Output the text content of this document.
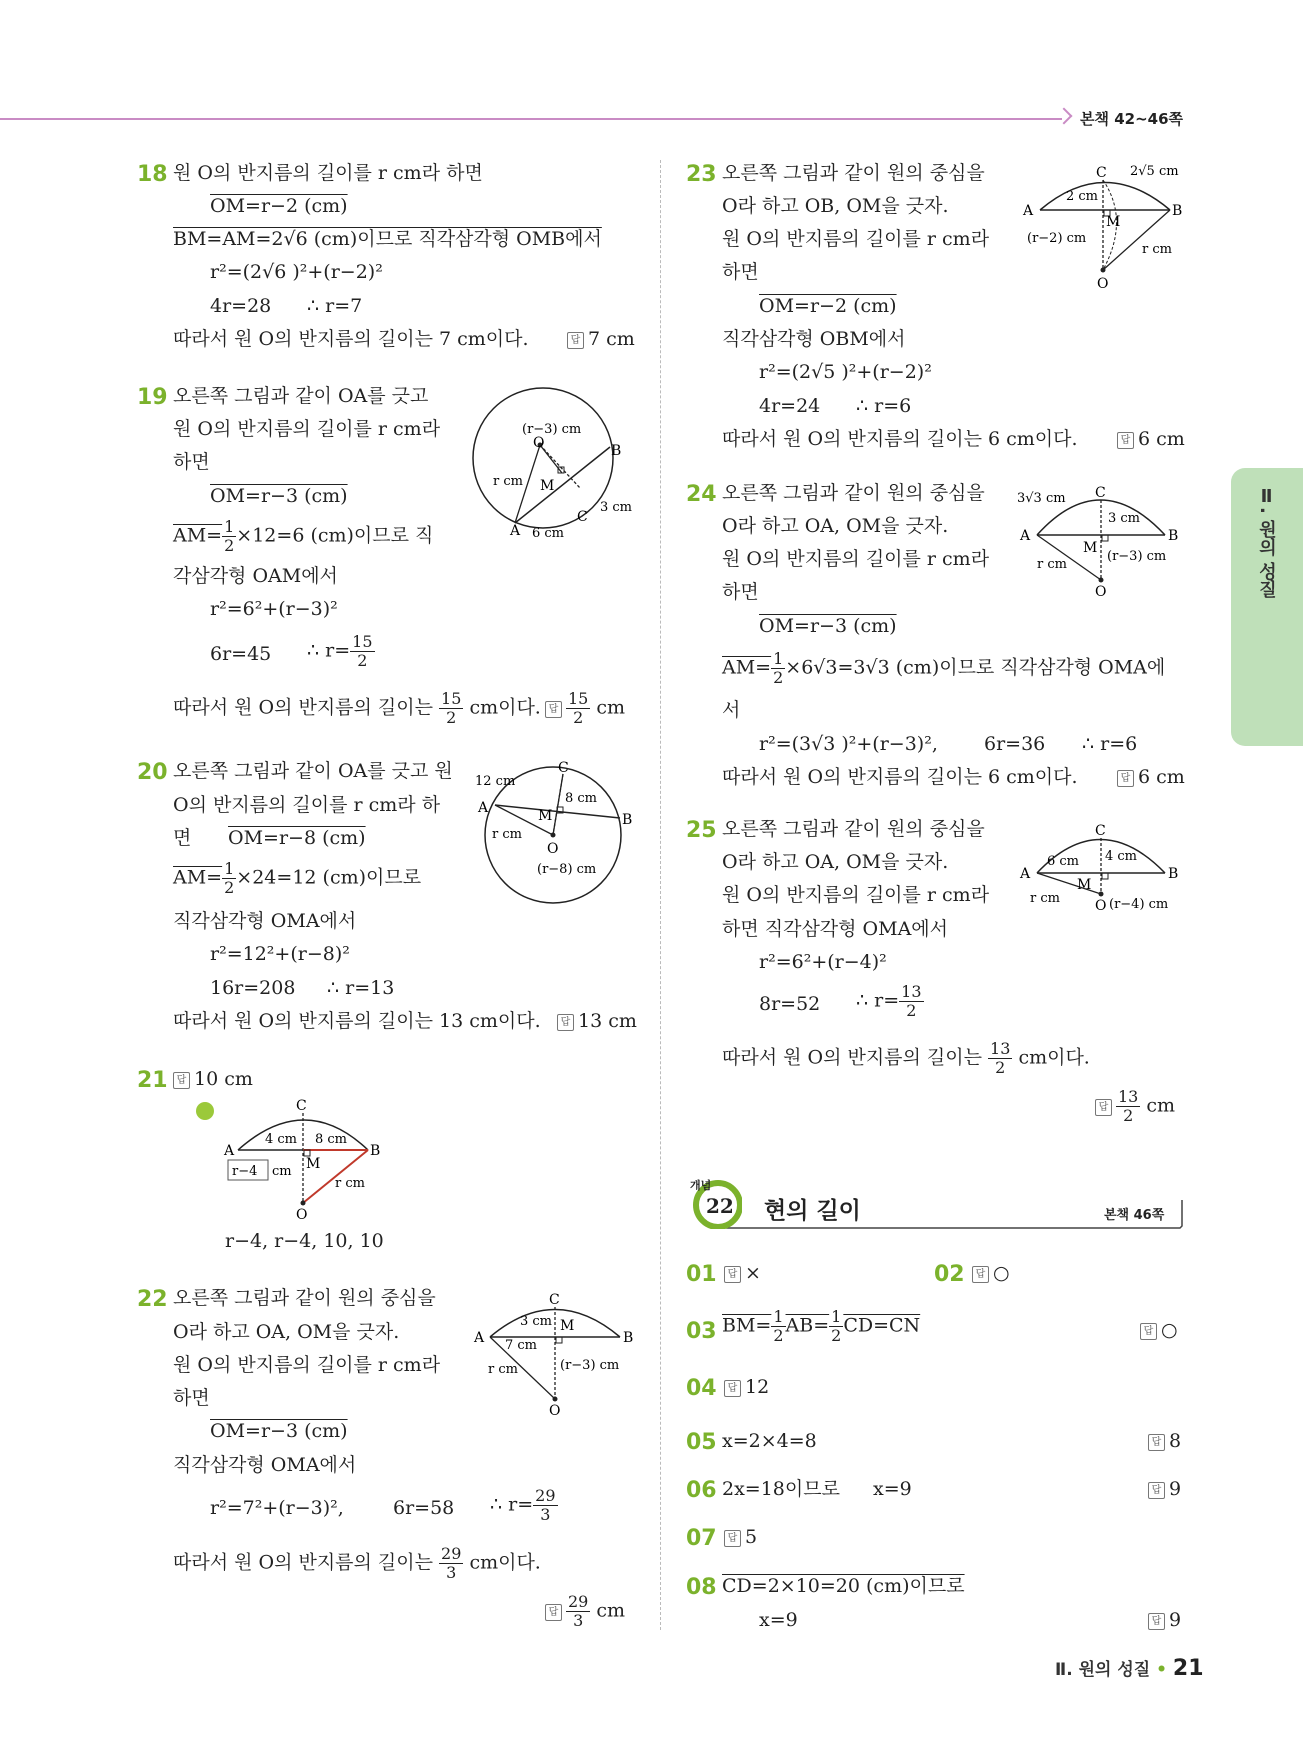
본책 42~46쪽
Ⅱ. 원의 성질
18 원 O의 반지름의 길이를 r cm라 하면
OM=r−2 (cm)
BM=AM=2√6 (cm)이므로 직각삼각형 OMB에서
r²=(2√6 )²+(r−2)²
4r=28 ∴ r=7
따라서 원 O의 반지름의 길이는 7 cm이다.	답 7 cm
19 오른쪽 그림과 같이 OA를 긋고
원 O의 반지름의 길이를 r cm라
하면
OM=r−3 (cm)
$AM= \frac{1}{2} \times 12=6$ (cm)이므로 직
각삼각형 OAM에서
r²=6²+(r−3)²
6r=45 ∴ $r= \frac{15}{2}$
따라서 원 O의 반지름의 길이는 $\frac{15}{2}$ cm이다. 답 $\frac{15}{2}$ cm
(r−3) cm
O	B
r cm M
A
C
3 cm
6 cm
20 오른쪽 그림과 같이 OA를 긋고 원
O의 반지름의 길이를 r cm라 하
면 OM=r−8 (cm)
$AM= \frac{1}{2} \times 24=12$ (cm)이므로
직각삼각형 OMA에서
r²=12²+(r−8)²
16r=208 ∴ r=13
따라서 원 O의 반지름의 길이는 13 cm이다.	답 13 cm
12 cm
C
A
8 cm
B
M
r cm
O
(r−8) cm
21 답 10 cm
C
A
4 cm 8 cm
B
M
r−4 cm
r cm
O
r−4, r−4, 10, 10
22 오른쪽 그림과 같이 원의 중심을
O라 하고 OA, OM을 긋자.
원 O의 반지름의 길이를 r cm라
하면
OM=r−3 (cm)
직각삼각형 OMA에서
r²=7²+(r−3)²,	6r=58 ∴ $r= \frac{29}{3}$
따라서 원 O의 반지름의 길이는 $\frac{29}{3}$ cm이다.
답 $\frac{29}{3}$ cm
C
3 cm M
A 7 cm	B
r cm	(r−3) cm
O
23 오른쪽 그림과 같이 원의 중심을
O라 하고 OB, OM을 긋자.
원 O의 반지름의 길이를 r cm라
하면
OM=r−2 (cm)
직각삼각형 OBM에서
r²=(2√5 )²+(r−2)²
4r=24 ∴ r=6
따라서 원 O의 반지름의 길이는 6 cm이다.	답 6 cm
C 2√5 cm
A
2 cm
B
M
(r−2) cm
r cm
O
24 오른쪽 그림과 같이 원의 중심을
O라 하고 OA, OM을 긋자.
원 O의 반지름의 길이를 r cm라
하면
OM=r−3 (cm)
$AM= \frac{1}{2} \times 6√3=3√3$ (cm)이므로 직각삼각형 OMA에
서
r²=(3√3 )²+(r−3)², 6r=36 ∴ r=6
따라서 원 O의 반지름의 길이는 6 cm이다.	답 6 cm
3√3 cm C
3 cm
A	B
M
(r−3) cm
r cm
O
25 오른쪽 그림과 같이 원의 중심을
O라 하고 OA, OM을 긋자.
원 O의 반지름의 길이를 r cm라
하면 직각삼각형 OMA에서
r²=6²+(r−4)²
8r=52 ∴ $r= \frac{13}{2}$
따라서 원 O의 반지름의 길이는 $\frac{13}{2}$ cm이다.
답 $\frac{13}{2}$ cm
C
6 cm 4 cm
A	B
M
r cm	(r−4) cm
O
개념
22 현의 길이	본책 46쪽
01	답 ×	02	답 ○
03 $BM= \frac{1}{2} AB= \frac{1}{2} CD=CN$	답 ○
04	답 12
05 x=2×4=8	답 8
06 2x=18이므로 x=9	답 9
07	답 5
08 CD=2×10=20 (cm)이므로
x=9	답 9
Ⅱ. 원의 성질 • 21
